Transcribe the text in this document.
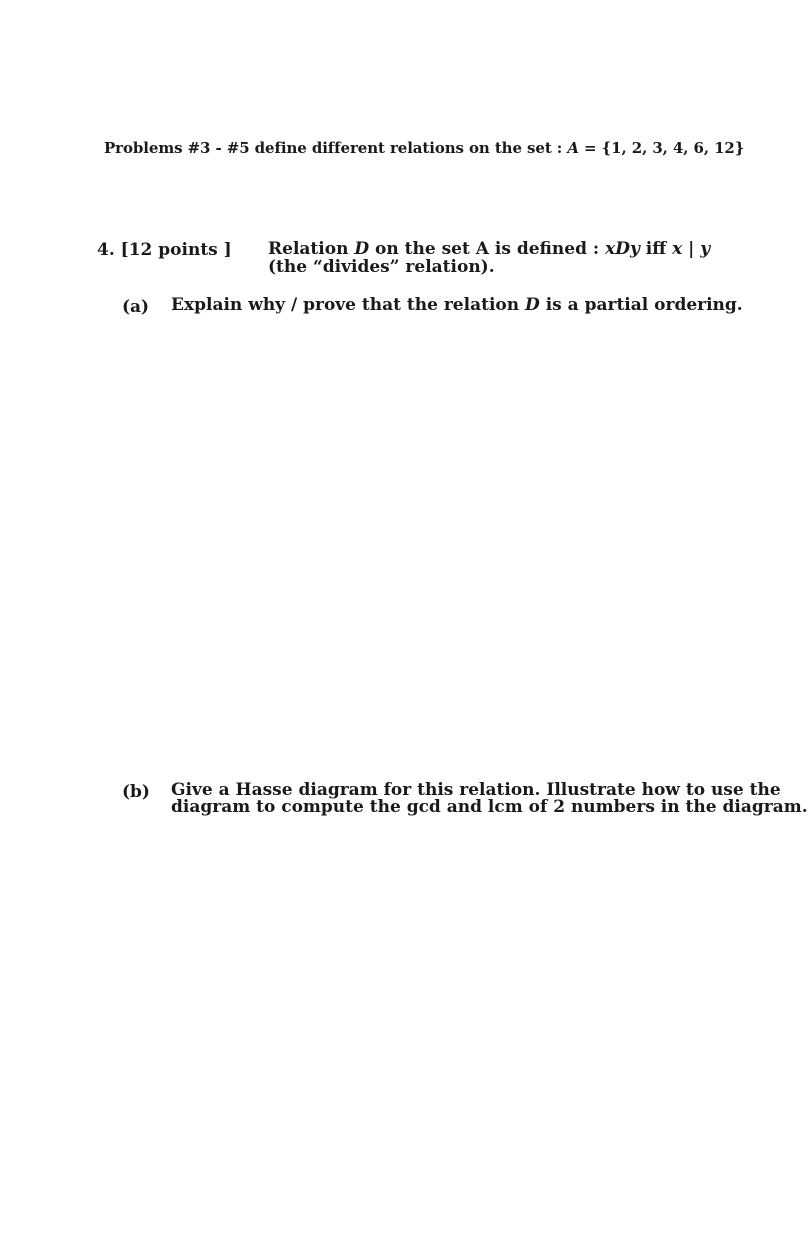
Problems #3 - #5 define different relations on the set : A = {1, 2, 3, 4, 6, 12}
4. [12 points ] Relation D on the set A is defined : xDy iff x | y
(the “divides” relation).
(a) Explain why / prove that the relation D is a partial ordering.
(b) Give a Hasse diagram for this relation. Illustrate how to use the
diagram to compute the gcd and lcm of 2 numbers in the diagram.
